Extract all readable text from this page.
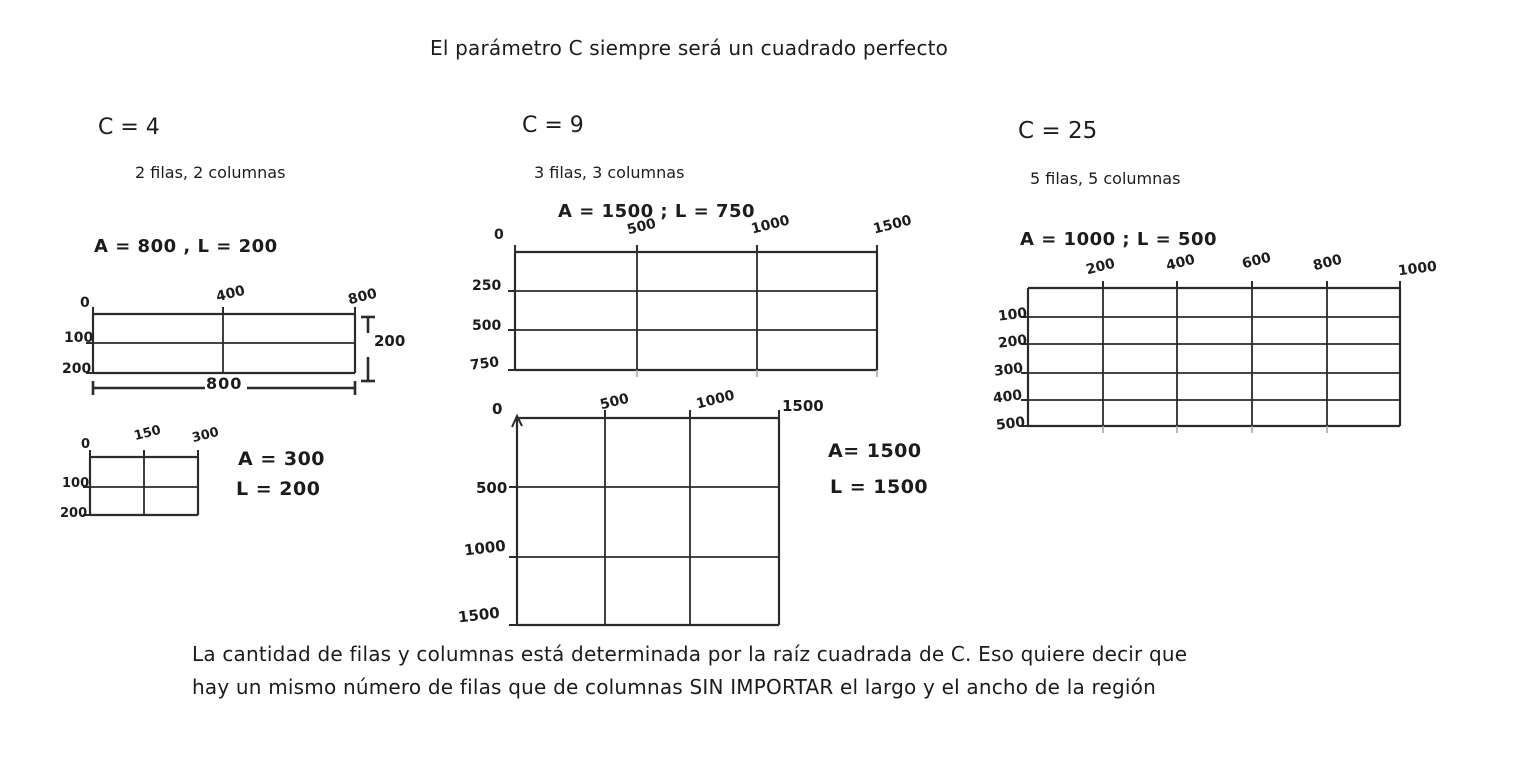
El parámetro C siempre será un cuadrado perfecto
C = 4
2 filas, 2 columnas
A = 800 , L = 200
0	400	800
100
200
200
800
0
150 300
100
200
A = 300
L = 200
C = 9
3 filas, 3 columnas
A = 1500 ; L = 750
0	500	1000	1500
250
500
750
0	500	1000	1500
500
1000
1500
A= 1500
L = 1500
C = 25
5 filas, 5 columnas
A = 1000 ; L = 500
200	400	600	800	1000
100
200
300
400
500
La cantidad de filas y columnas está determinada por la raíz cuadrada de C. Eso quiere decir que
hay un mismo número de filas que de columnas SIN IMPORTAR el largo y el ancho de la región
